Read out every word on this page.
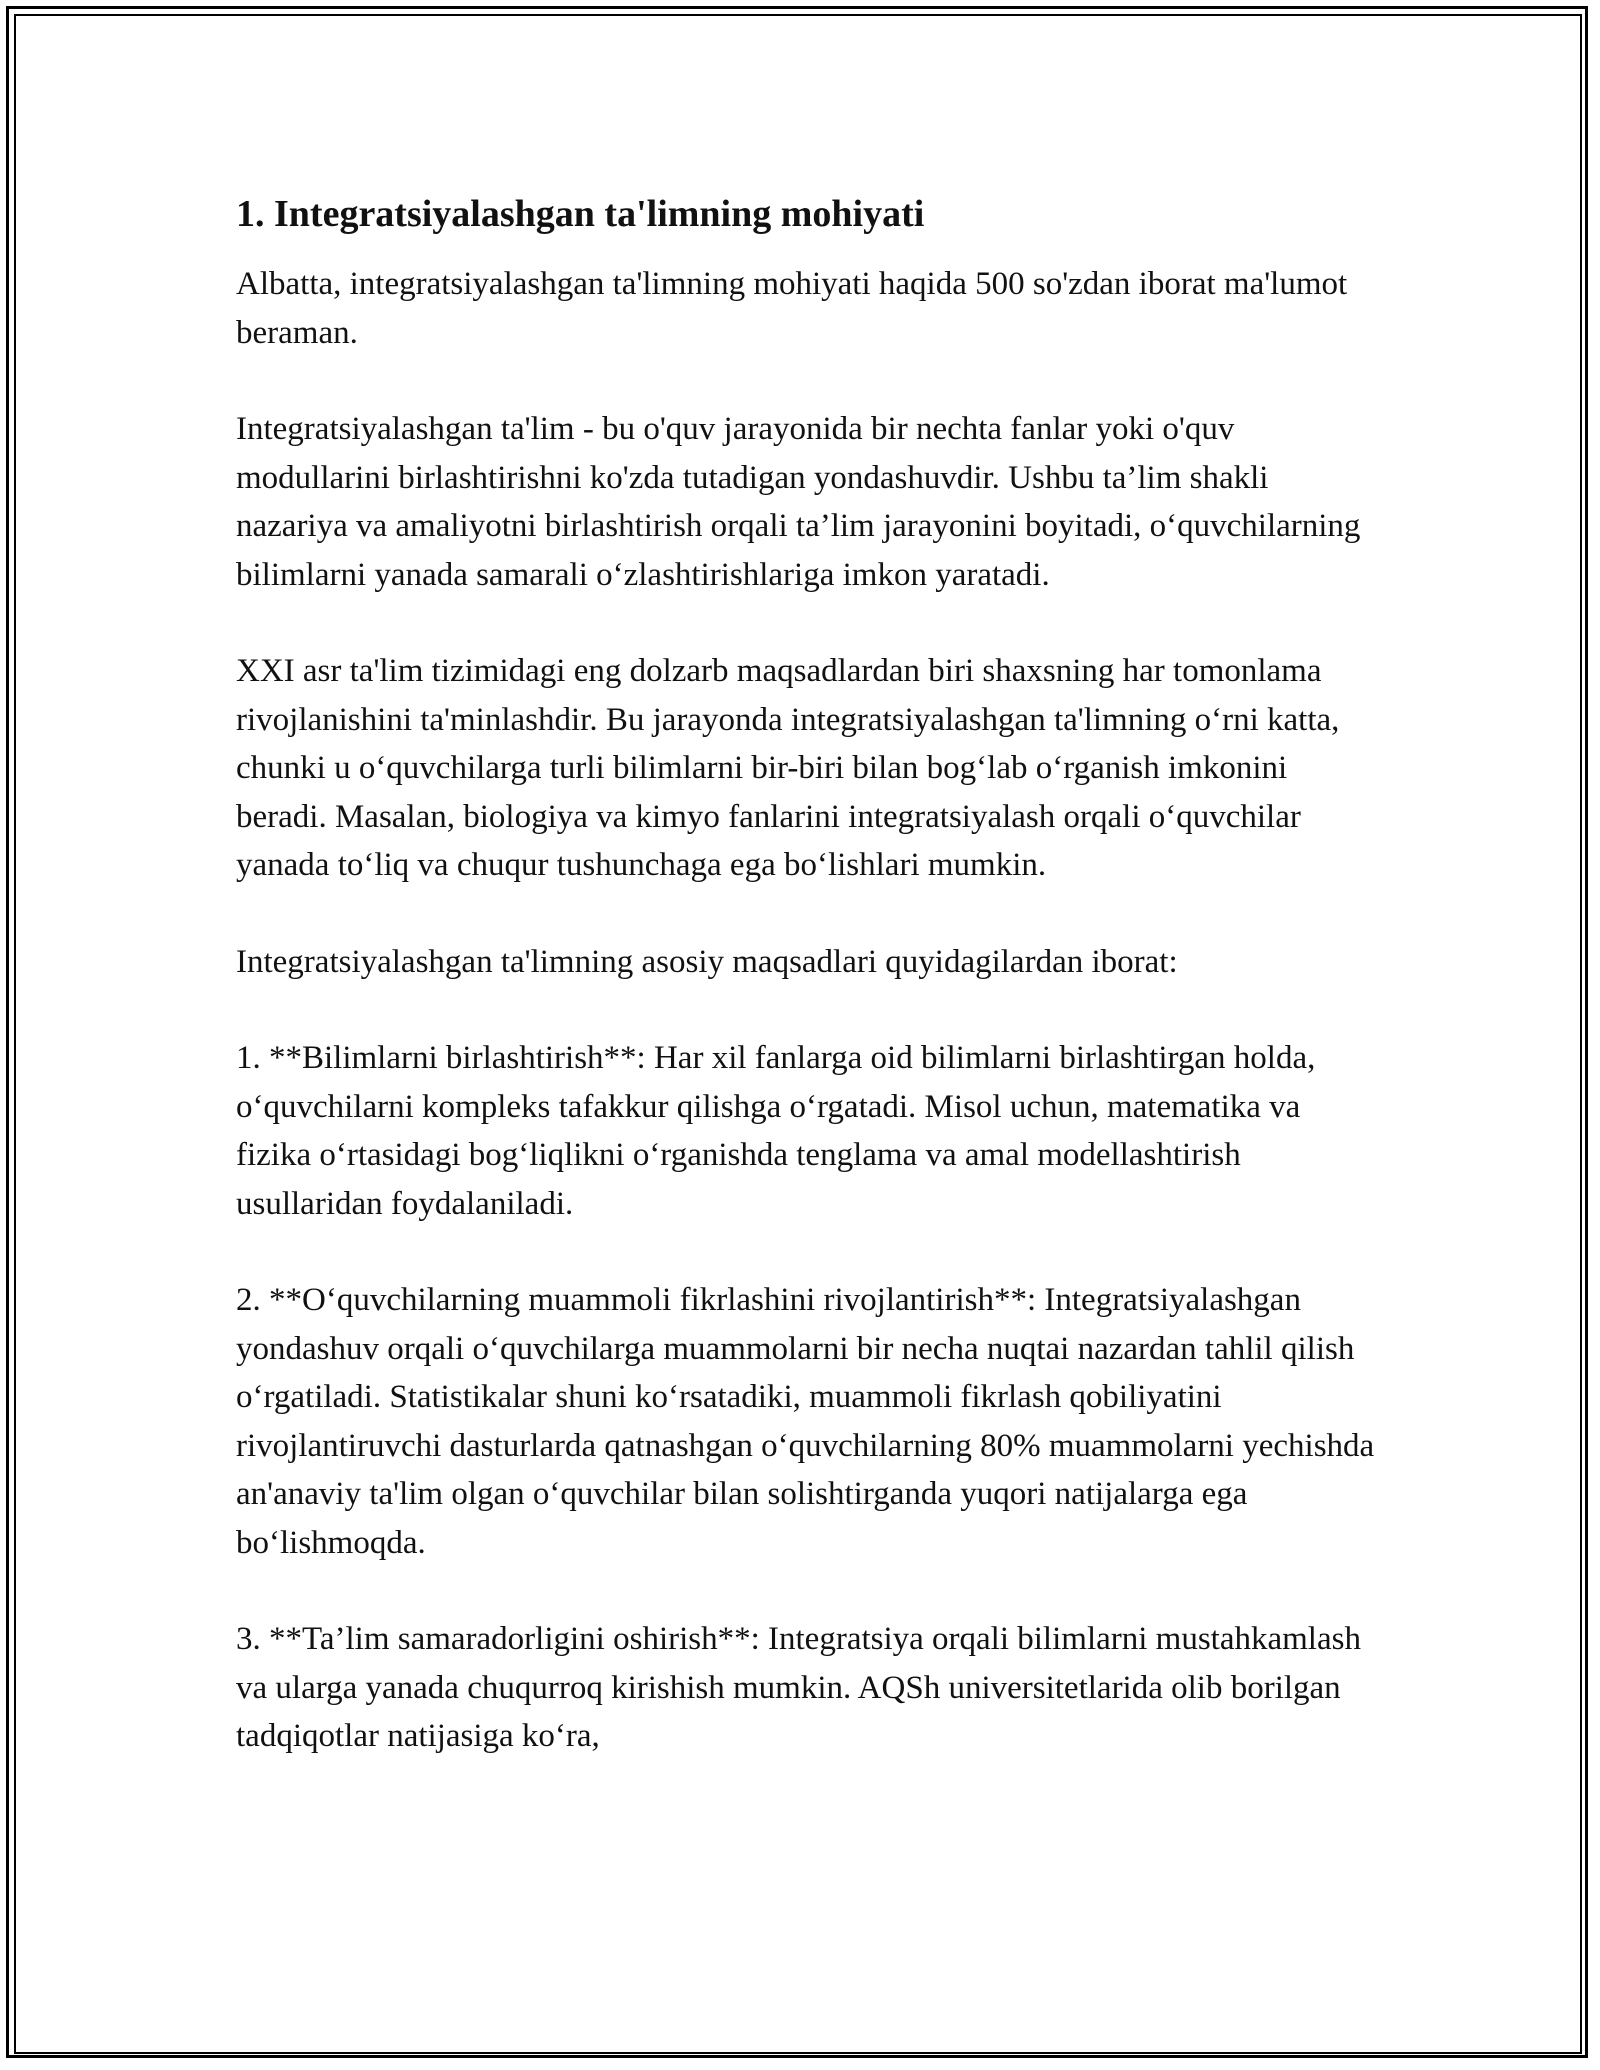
1. Integratsiyalashgan ta'limning mohiyati

Albatta, integratsiyalashgan ta'limning mohiyati haqida 500 so'zdan iborat ma'lumot beraman.

Integratsiyalashgan ta'lim - bu o'quv jarayonida bir nechta fanlar yoki o'quv modullarini birlashtirishni ko'zda tutadigan yondashuvdir. Ushbu ta’lim shakli nazariya va amaliyotni birlashtirish orqali ta’lim jarayonini boyitadi, o‘quvchilarning bilimlarni yanada samarali o‘zlashtirishlariga imkon yaratadi.

XXI asr ta'lim tizimidagi eng dolzarb maqsadlardan biri shaxsning har tomonlama rivojlanishini ta'minlashdir. Bu jarayonda integratsiyalashgan ta'limning o‘rni katta, chunki u o‘quvchilarga turli bilimlarni bir-biri bilan bog‘lab o‘rganish imkonini beradi. Masalan, biologiya va kimyo fanlarini integratsiyalash orqali o‘quvchilar yanada to‘liq va chuqur tushunchaga ega bo‘lishlari mumkin.

Integratsiyalashgan ta'limning asosiy maqsadlari quyidagilardan iborat:

1. **Bilimlarni birlashtirish**: Har xil fanlarga oid bilimlarni birlashtirgan holda, o‘quvchilarni kompleks tafakkur qilishga o‘rgatadi. Misol uchun, matematika va fizika o‘rtasidagi bog‘liqlikni o‘rganishda tenglama va amal modellashtirish usullaridan foydalaniladi.

2. **O‘quvchilarning muammoli fikrlashini rivojlantirish**: Integratsiyalashgan yondashuv orqali o‘quvchilarga muammolarni bir necha nuqtai nazardan tahlil qilish o‘rgatiladi. Statistikalar shuni ko‘rsatadiki, muammoli fikrlash qobiliyatini rivojlantiruvchi dasturlarda qatnashgan o‘quvchilarning 80% muammolarni yechishda an'anaviy ta'lim olgan o‘quvchilar bilan solishtirganda yuqori natijalarga ega bo‘lishmoqda.

3. **Ta’lim samaradorligini oshirish**: Integratsiya orqali bilimlarni mustahkamlash va ularga yanada chuqurroq kirishish mumkin. AQSh universitetlarida olib borilgan tadqiqotlar natijasiga ko‘ra,
